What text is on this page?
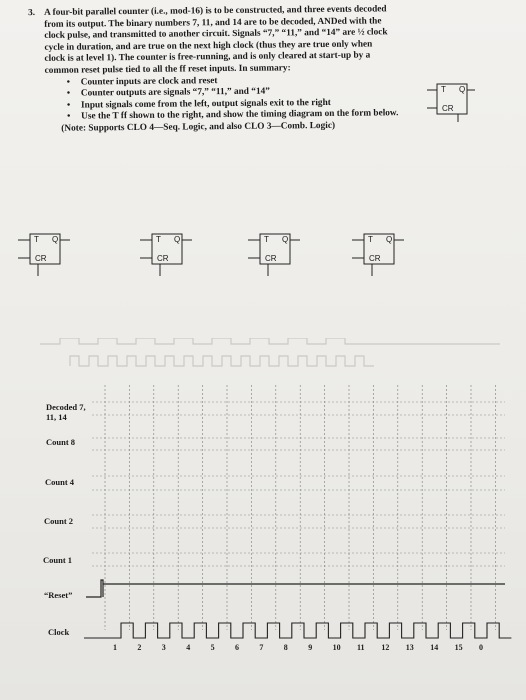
3. A four-bit parallel counter (i.e., mod-16) is to be constructed, and three events decoded

from its output. The binary numbers 7, 11, and 14 are to be decoded, ANDed with the

clock pulse, and transmitted to another circuit. Signals “7,” “11,” and “14” are ½ clock

cycle in duration, and are true on the next high clock (thus they are true only when

clock is at level 1). The counter is free-running, and is only cleared at start-up by a

common reset pulse tied to all the ff reset inputs. In summary:

• Counter inputs are clock and reset
• Counter outputs are signals “7,” “11,” and “14”
• Input signals come from the left, output signals exit to the right
• Use the T ff shown to the right, and show the timing diagram on the form below.

(Note: Supports CLO 4—Seq. Logic, and also CLO 3—Comb. Logic)

T Q
CR
T Q
CR
T Q
CR
T Q
CR
T Q
CR
1	2	3	4	5	6	7	8	9	10 11 12 13 14 15 0
Decoded 7,
11, 14
Count 8
Count 4
Count 2
Count 1
“Reset”
Clock
